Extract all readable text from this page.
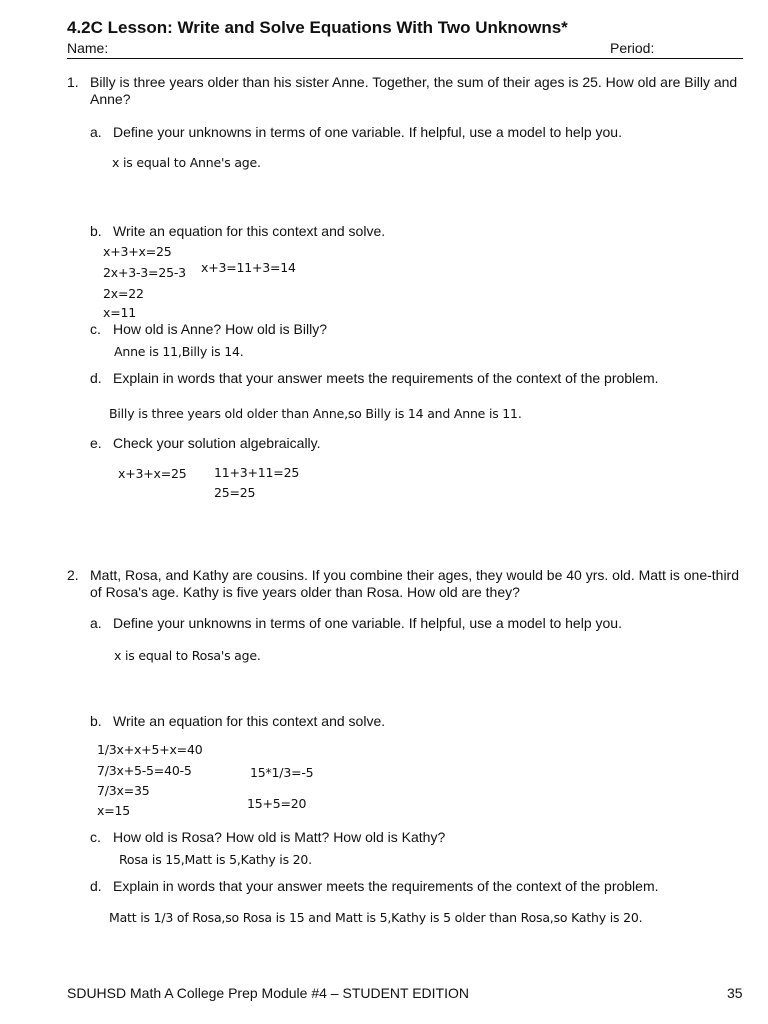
4.2C Lesson: Write and Solve Equations With Two Unknowns*
Name:	Period:
1. Billy is three years older than his sister Anne. Together, the sum of their ages is 25. How old are Billy and Anne?
a. Define your unknowns in terms of one variable. If helpful, use a model to help you.
x is equal to Anne's age.
b. Write an equation for this context and solve.
x+3+x=25
2x+3-3=25-3
2x=22
x=11
x+3=11+3=14
c. How old is Anne? How old is Billy?
Anne is 11,Billy is 14.
d. Explain in words that your answer meets the requirements of the context of the problem.
Billy is three years old older than Anne,so Billy is 14 and Anne is 11.
e. Check your solution algebraically.
x+3+x=25 11+3+11=25
25=25
2. Matt, Rosa, and Kathy are cousins. If you combine their ages, they would be 40 yrs. old. Matt is one-third of Rosa's age. Kathy is five years older than Rosa. How old are they?
a. Define your unknowns in terms of one variable. If helpful, use a model to help you.
x is equal to Rosa's age.
b. Write an equation for this context and solve.
1/3x+x+5+x=40
7/3x+5-5=40-5
7/3x=35
x=15
15*1/3=-5
15+5=20
c. How old is Rosa? How old is Matt? How old is Kathy?
Rosa is 15,Matt is 5,Kathy is 20.
d. Explain in words that your answer meets the requirements of the context of the problem.
Matt is 1/3 of Rosa,so Rosa is 15 and Matt is 5,Kathy is 5 older than Rosa,so Kathy is 20.
SDUHSD Math A College Prep Module #4 – STUDENT EDITION	35
